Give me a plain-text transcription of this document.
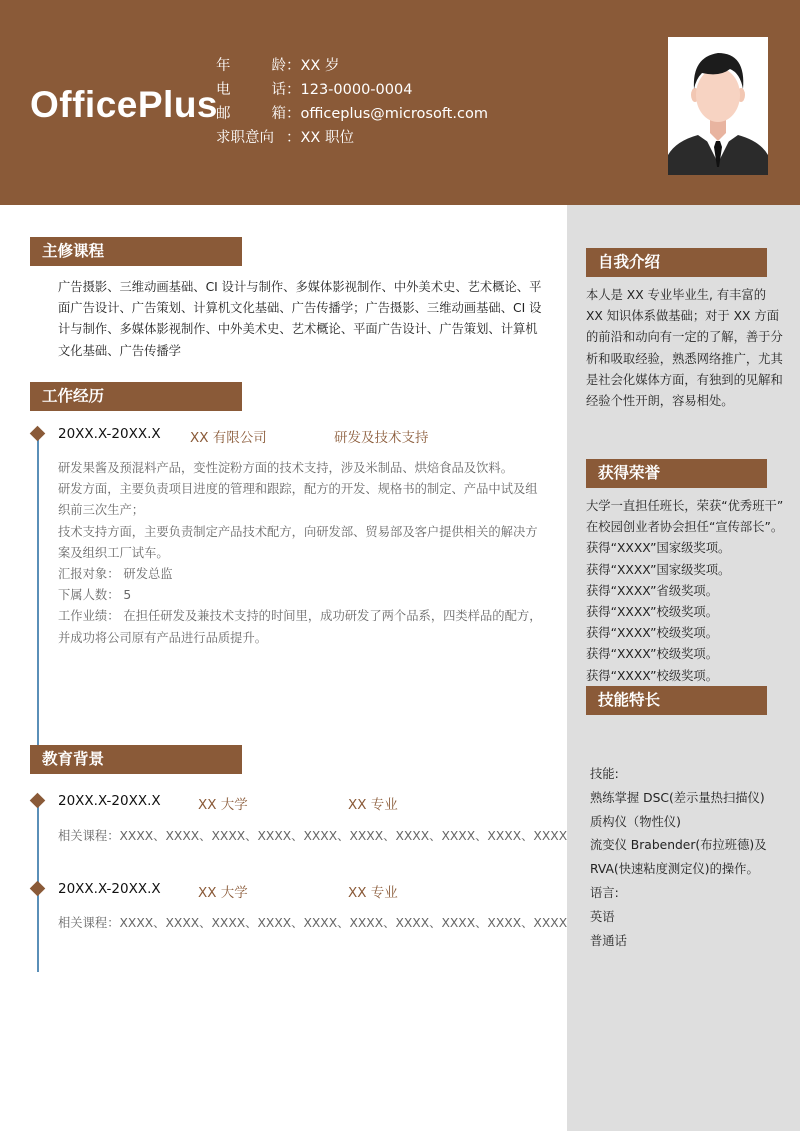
OfficePlus
年	龄 ：XX 岁
电	话 ：123-0000-0004
邮	箱 ：officeplus@microsoft.com
求职意向 ：XX 职位
自我介绍
本人是 XX 专业毕业生, 有丰富的 XX 知识体系做基础；对于 XX 方面的前沿和动向有一定的了解，善于分析和吸取经验，熟悉网络推广，尤其是社会化媒体方面，有独到的见解和经验个性开朗，容易相处。
获得荣誉
大学一直担任班长，荣获“优秀班干”
在校园创业者协会担任“宣传部长”。
获得“XXXX”国家级奖项。
获得“XXXX”国家级奖项。
获得“XXXX”省级奖项。
获得“XXXX”校级奖项。
获得“XXXX”校级奖项。
获得“XXXX”校级奖项。
获得“XXXX”校级奖项。
技能特长
技能:
熟练掌握 DSC(差示量热扫描仪)
质构仪（物性仪)
流变仪 Brabender(布拉班德)及
RVA(快速粘度测定仪)的操作。
语言:
英语
普通话
主修课程
广告摄影、三维动画基础、CI 设计与制作、多媒体影视制作、中外美术史、艺术概论、平面广告设计、广告策划、计算机文化基础、广告传播学；广告摄影、三维动画基础、CI 设计与制作、多媒体影视制作、中外美术史、艺术概论、平面广告设计、广告策划、计算机文化基础、广告传播学
工作经历
20XX.X-20XX.X XX 有限公司	研发及技术支持
研发果酱及预混料产品，变性淀粉方面的技术支持，涉及米制品、烘焙食品及饮料。
研发方面，主要负责项目进度的管理和跟踪，配方的开发、规格书的制定、产品中试及组织前三次生产；
技术支持方面，主要负责制定产品技术配方，向研发部、贸易部及客户提供相关的解决方案及组织工厂试车。
汇报对象： 研发总监
下属人数： 5
工作业绩： 在担任研发及兼技术支持的时间里，成功研发了两个品系，四类样品的配方，并成功将公司原有产品进行品质提升。
教育背景
20XX.X-20XX.X	XX 大学	XX 专业
相关课程：XXXX、XXXX、XXXX、XXXX、XXXX、XXXX、XXXX、XXXX、XXXX、XXXX
20XX.X-20XX.X	XX 大学	XX 专业
相关课程：XXXX、XXXX、XXXX、XXXX、XXXX、XXXX、XXXX、XXXX、XXXX、XXXX
